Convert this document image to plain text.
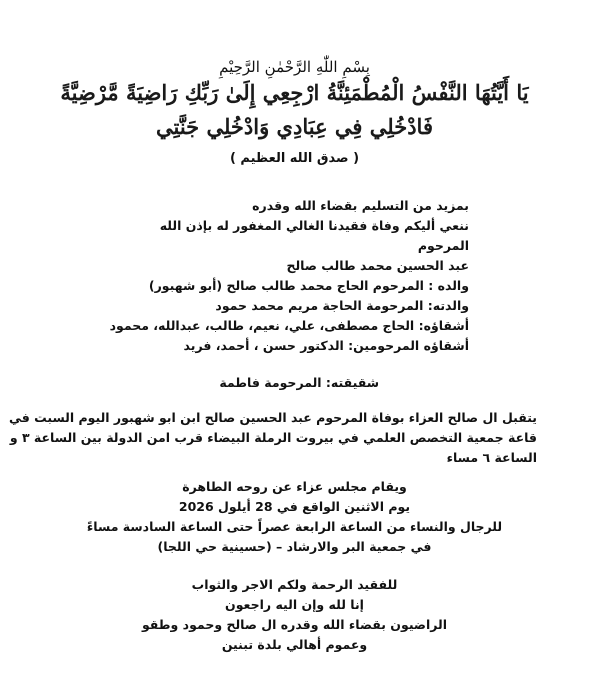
بِسْمِ اللّٰهِ الرَّحْمٰنِ الرَّحِيْمِ
يَا أَيَّتُهَا النَّفْسُ الْمُطْمَئِنَّةُ ارْجِعِي إِلَىٰ رَبِّكِ رَاضِيَةً مَّرْضِيَّةً
فَادْخُلِي فِي عِبَادِي وَادْخُلِي جَنَّتِي
( صدق الله العظيم )
بمزيد من التسليم بقضاء الله وقدره
ننعي أليكم وفاة فقيدنا الغالي المغفور له بإذن الله
المرحوم
عبد الحسين محمد طالب صالح
والده : المرحوم الحاج محمد طالب صالح (أبو شهبور)
والدته: المرحومة الحاجة مريم محمد حمود
أشقاؤه: الحاج مصطفى، علي، نعيم، طالب، عبدالله، محمود
أشقاؤه المرحومين: الدكتور حسن ، أحمد، فريد
شقيقته: المرحومة فاطمة
يتقبل ال صالح العزاء بوفاة المرحوم عبد الحسين صالح ابن ابو شهبور اليوم السبت في
قاعة جمعية التخصص العلمي في بيروت الرملة البيضاء قرب امن الدولة بين الساعة ٣ و
الساعة ٦ مساء
ويقام مجلس عزاء عن روحه الطاهرة
يوم الاثنين الواقع في 28 أيلول 2026
للرجال والنساء من الساعة الرابعة عصراً حتى الساعة السادسة مساءً
في جمعية البر والارشاد – (حسينية حي اللجا)
للفقيد الرحمة ولكم الاجر والثواب
إنا لله وإن اليه راجعون
الراضيون بقضاء الله وقدره ال صالح وحمود وطقو
وعموم أهالي بلدة تبنين
